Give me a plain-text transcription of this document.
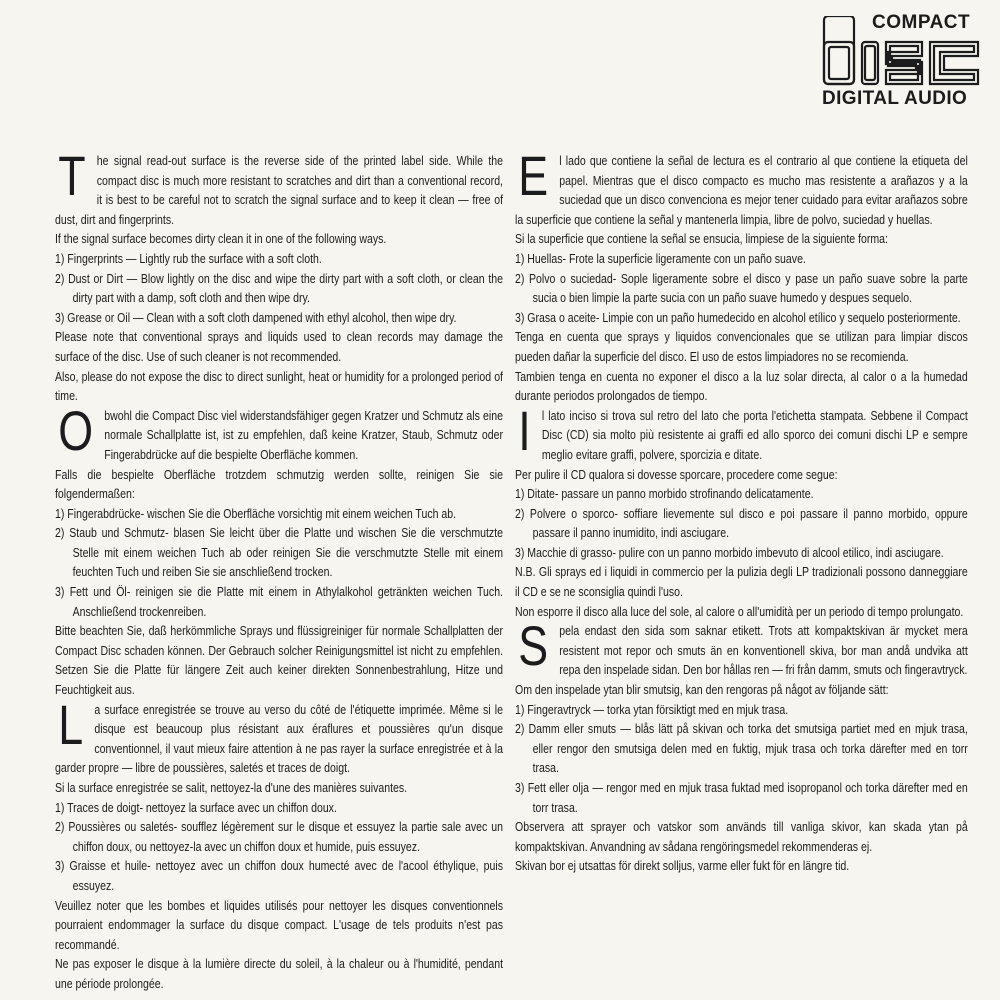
COMPACT
DIGITAL AUDIO

The signal read-out surface is the reverse side of the printed label side. While the compact disc is much more resistant to scratches and dirt than a conventional record, it is best to be careful not to scratch the signal surface and to keep it clean — free of dust, dirt and fingerprints.

If the signal surface becomes dirty clean it in one of the following ways.

1) Fingerprints — Lightly rub the surface with a soft cloth.

2) Dust or Dirt — Blow lightly on the disc and wipe the dirty part with a soft cloth, or clean the dirty part with a damp, soft cloth and then wipe dry.

3) Grease or Oil — Clean with a soft cloth dampened with ethyl alcohol, then wipe dry.

Please note that conventional sprays and liquids used to clean records may damage the surface of the disc. Use of such cleaner is not recommended.

Also, please do not expose the disc to direct sunlight, heat or humidity for a prolonged period of time.

Obwohl die Compact Disc viel widerstandsfähiger gegen Kratzer und Schmutz als eine normale Schallplatte ist, ist zu empfehlen, daß keine Kratzer, Staub, Schmutz oder Fingerabdrücke auf die bespielte Oberfläche kommen.

Falls die bespielte Oberfläche trotzdem schmutzig werden sollte, reinigen Sie sie folgendermaßen:

1) Fingerabdrücke- wischen Sie die Oberfläche vorsichtig mit einem weichen Tuch ab.

2) Staub und Schmutz- blasen Sie leicht über die Platte und wischen Sie die verschmutzte Stelle mit einem weichen Tuch ab oder reinigen Sie die verschmutzte Stelle mit einem feuchten Tuch und reiben Sie sie anschließend trocken.

3) Fett und Öl- reinigen sie die Platte mit einem in Athylalkohol getränkten weichen Tuch. Anschließend trockenreiben.

Bitte beachten Sie, daß herkömmliche Sprays und flüssigreiniger für normale Schallplatten der Compact Disc schaden können. Der Gebrauch solcher Reinigungsmittel ist nicht zu empfehlen. Setzen Sie die Platte für längere Zeit auch keiner direkten Sonnenbestrahlung, Hitze und Feuchtigkeit aus.

La surface enregistrée se trouve au verso du côté de l'étiquette imprimée. Même si le disque est beaucoup plus résistant aux éraflures et poussières qu'un disque conventionnel, il vaut mieux faire attention à ne pas rayer la surface enregistrée et à la garder propre — libre de poussières, saletés et traces de doigt.

Si la surface enregistrée se salit, nettoyez-la d'une des manières suivantes.

1) Traces de doigt- nettoyez la surface avec un chiffon doux.

2) Poussières ou saletés- soufflez légèrement sur le disque et essuyez la partie sale avec un chiffon doux, ou nettoyez-la avec un chiffon doux et humide, puis essuyez.

3) Graisse et huile- nettoyez avec un chiffon doux humecté avec de l'acool éthylique, puis essuyez.

Veuillez noter que les bombes et liquides utilisés pour nettoyer les disques conventionnels pourraient endommager la surface du disque compact. L'usage de tels produits n'est pas recommandé.

Ne pas exposer le disque à la lumière directe du soleil, à la chaleur ou à l'humidité, pendant une période prolongée.

El lado que contiene la señal de lectura es el contrario al que contiene la etiqueta del papel. Mientras que el disco compacto es mucho mas resistente a arañazos y a la suciedad que un disco convenciona es mejor tener cuidado para evitar arañazos sobre la superficie que contiene la señal y mantenerla limpia, libre de polvo, suciedad y huellas.

Si la superficie que contiene la señal se ensucia, limpiese de la siguiente forma:

1) Huellas- Frote la superficie ligeramente con un paño suave.

2) Polvo o suciedad- Sople ligeramente sobre el disco y pase un paño suave sobre la parte sucia o bien limpie la parte sucia con un paño suave humedo y despues sequelo.

3) Grasa o aceite- Limpie con un paño humedecido en alcohol etílico y sequelo posteriormente.

Tenga en cuenta que sprays y liquidos convencionales que se utilizan para limpiar discos pueden dañar la superficie del disco. El uso de estos limpiadores no se recomienda.

Tambien tenga en cuenta no exponer el disco a la luz solar directa, al calor o a la humedad durante periodos prolongados de tiempo.

Il lato inciso si trova sul retro del lato che porta l'etichetta stampata. Sebbene il Compact Disc (CD) sia molto più resistente ai graffi ed allo sporco dei comuni dischi LP e sempre meglio evitare graffi, polvere, sporcizia e ditate.

Per pulire il CD qualora si dovesse sporcare, procedere come segue:

1) Ditate- passare un panno morbido strofinando delicatamente.

2) Polvere o sporco- soffiare lievemente sul disco e poi passare il panno morbido, oppure passare il panno inumidito, indi asciugare.

3) Macchie di grasso- pulire con un panno morbido imbevuto di alcool etilico, indi asciugare.

N.B. Gli sprays ed i liquidi in commercio per la pulizia degli LP tradizionali possono danneggiare il CD e se ne sconsiglia quindi l'uso.

Non esporre il disco alla luce del sole, al calore o all'umidità per un periodo di tempo prolungato.

Spela endast den sida som saknar etikett. Trots att kompaktskivan är mycket mera resistent mot repor och smuts än en konventionell skiva, bor man andå undvika att repa den inspelade sidan. Den bor hållas ren — fri från damm, smuts och fingeravtryck.

Om den inspelade ytan blir smutsig, kan den rengoras på något av följande sätt:

1) Fingeravtryck — torka ytan försiktigt med en mjuk trasa.

2) Damm eller smuts — blås lätt på skivan och torka det smutsiga partiet med en mjuk trasa, eller rengor den smutsiga delen med en fuktig, mjuk trasa och torka därefter med en torr trasa.

3) Fett eller olja — rengor med en mjuk trasa fuktad med isopropanol och torka därefter med en torr trasa.

Observera att sprayer och vatskor som används till vanliga skivor, kan skada ytan på kompaktskivan. Anvandning av sådana rengöringsmedel rekommenderas ej.

Skivan bor ej utsattas för direkt solljus, varme eller fukt för en längre tid.
